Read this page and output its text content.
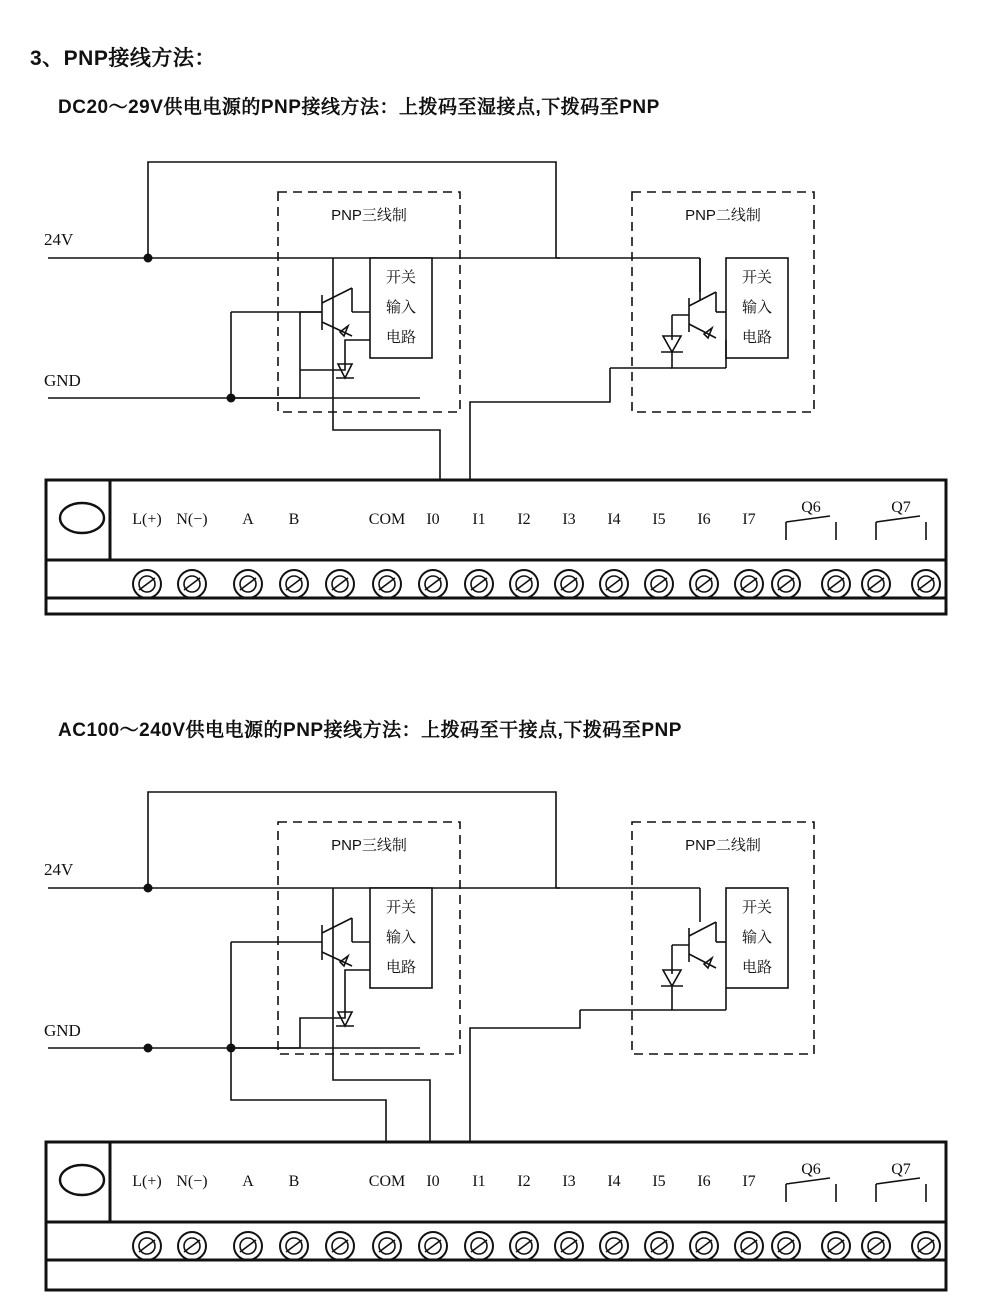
3、PNP接线方法：
DC20～29V供电电源的PNP接线方法：上拨码至湿接点,下拨码至PNP
24V
GND
PNP三线制
开关
输入
电路
PNP二线制
开关
输入
电路
L(+) N(−) A B	COM I0 I1 I2 I3 I4 I5 I6 I7
Q6	Q7
AC100～240V供电电源的PNP接线方法：上拨码至干接点,下拨码至PNP
24V
GND
PNP三线制
开关
输入
电路
PNP二线制
开关
输入
电路
L(+) N(−) A B	COM I0 I1 I2 I3 I4 I5 I6 I7
Q6	Q7
